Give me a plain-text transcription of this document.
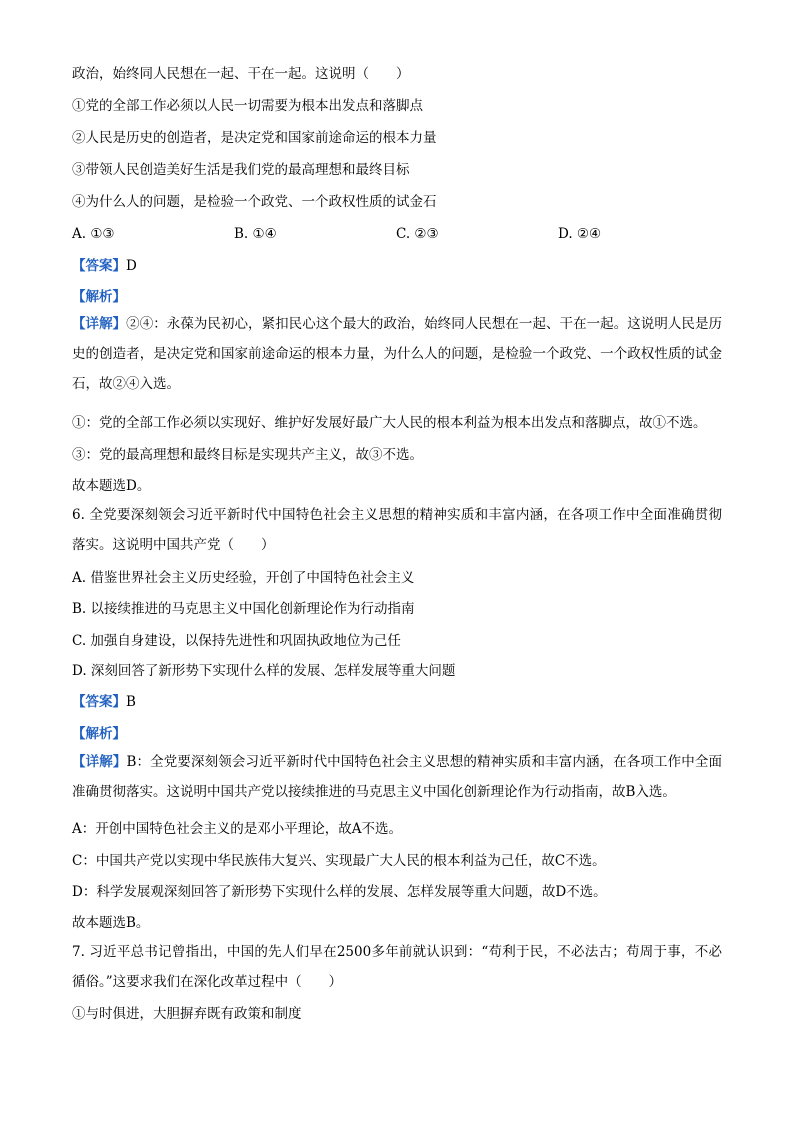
政治，始终同人民想在一起、干在一起。这说明（　　）

①党的全部工作必须以人民一切需要为根本出发点和落脚点

②人民是历史的创造者，是决定党和国家前途命运的根本力量

③带领人民创造美好生活是我们党的最高理想和最终目标

④为什么人的问题，是检验一个政党、一个政权性质的试金石

A. ①③	B. ①④	C. ②③	D. ②④

【答案】D

【解析】

【详解】②④：永葆为民初心，紧扣民心这个最大的政治，始终同人民想在一起、干在一起。这说明人民是历史的创造者，是决定党和国家前途命运的根本力量，为什么人的问题，是检验一个政党、一个政权性质的试金石，故②④入选。

①：党的全部工作必须以实现好、维护好发展好最广大人民的根本利益为根本出发点和落脚点，故①不选。

③：党的最高理想和最终目标是实现共产主义，故③不选。

故本题选D。

6. 全党要深刻领会习近平新时代中国特色社会主义思想的精神实质和丰富内涵，在各项工作中全面准确贯彻落实。这说明中国共产党（　　）

A. 借鉴世界社会主义历史经验，开创了中国特色社会主义

B. 以接续推进的马克思主义中国化创新理论作为行动指南

C. 加强自身建设，以保持先进性和巩固执政地位为己任

D. 深刻回答了新形势下实现什么样的发展、怎样发展等重大问题

【答案】B

【解析】

【详解】B：全党要深刻领会习近平新时代中国特色社会主义思想的精神实质和丰富内涵，在各项工作中全面准确贯彻落实。这说明中国共产党以接续推进的马克思主义中国化创新理论作为行动指南，故B入选。

A：开创中国特色社会主义的是邓小平理论，故A不选。

C：中国共产党以实现中华民族伟大复兴、实现最广大人民的根本利益为己任，故C不选。

D：科学发展观深刻回答了新形势下实现什么样的发展、怎样发展等重大问题，故D不选。

故本题选B。

7. 习近平总书记曾指出，中国的先人们早在2500多年前就认识到：“苟利于民，不必法古；苟周于事，不必循俗。”这要求我们在深化改革过程中（　　）

①与时俱进，大胆摒弃既有政策和制度
